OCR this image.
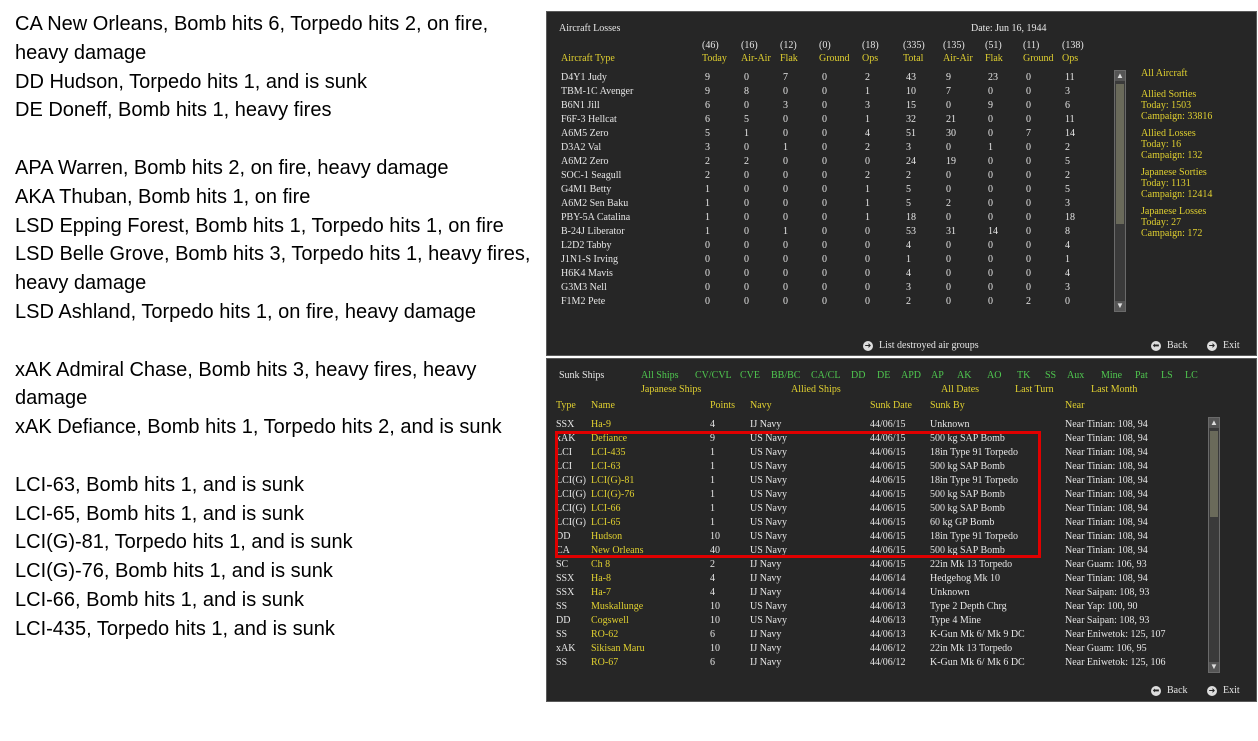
CA New Orleans, Bomb hits 6, Torpedo hits 2, on fire, heavy damage
DD Hudson, Torpedo hits 1, and is sunk
DE Doneff, Bomb hits 1, heavy fires
APA Warren, Bomb hits 2, on fire, heavy damage
AKA Thuban, Bomb hits 1, on fire
LSD Epping Forest, Bomb hits 1, Torpedo hits 1, on fire
LSD Belle Grove, Bomb hits 3, Torpedo hits 1, heavy fires, heavy damage
LSD Ashland, Torpedo hits 1, on fire, heavy damage
xAK Admiral Chase, Bomb hits 3, heavy fires, heavy damage
xAK Defiance, Bomb hits 1, Torpedo hits 2, and is sunk
LCI-63, Bomb hits 1, and is sunk
LCI-65, Bomb hits 1, and is sunk
LCI(G)-81, Torpedo hits 1, and is sunk
LCI(G)-76, Bomb hits 1, and is sunk
LCI-66, Bomb hits 1, and is sunk
LCI-435, Torpedo hits 1, and is sunk
Aircraft Losses	Date: Jun 16, 1944
(46) (16) (12) (0)	(18) (335) (135) (51) (11) (138)
Aircraft Type	Today Air-Air Flak Ground Ops Total Air-Air Flak Ground Ops
D4Y1 Judy	9	0	7	0	2	43	9	23	0	11
TBM-1C Avenger	9	8	0	0	1	10	7	0	0	3
B6N1 Jill	6	0	3	0	3	15	0	9	0	6
F6F-3 Hellcat	6	5	0	0	1	32	21	0	0	11
A6M5 Zero	5	1	0	0	4	51	30	0	7	14
D3A2 Val	3	0	1	0	2	3	0	1	0	2
A6M2 Zero	2	2	0	0	0	24	19	0	0	5
SOC-1 Seagull	2	0	0	0	2	2	0	0	0	2
G4M1 Betty	1	0	0	0	1	5	0	0	0	5
A6M2 Sen Baku	1	0	0	0	1	5	2	0	0	3
PBY-5A Catalina	1	0	0	0	1	18	0	0	0	18
B-24J Liberator	1	0	1	0	0	53	31	14	0	8
L2D2 Tabby	0	0	0	0	0	4	0	0	0	4
J1N1-S Irving	0	0	0	0	0	1	0	0	0	1
H6K4 Mavis	0	0	0	0	0	4	0	0	0	4
G3M3 Nell	0	0	0	0	0	3	0	0	0	3
F1M2 Pete	0	0	0	0	0	2	0	0	2	0
▲
▼
All Aircraft
Allied Sorties
Today: 1503
Campaign: 33816
Allied Losses
Today: 16
Campaign: 132
Japanese Sorties
Today: 1131
Campaign: 12414
Japanese Losses
Today: 27
Campaign: 172
➜ List destroyed air groups	⬅ Back	➜ Exit
Sunk Ships	All Ships CV/CVL CVE BB/BC CA/CL DD DE APD AP AK AO TK SS Aux Mine Pat LS LC
Japanese Ships	Allied Ships	All Dates	Last Turn	Last Month
Type Name	Points Navy	Sunk Date Sunk By	Near
SSX Ha-9	4	IJ Navy	44/06/15 Unknown	Near Tinian: 108, 94
xAK Defiance	9	US Navy	44/06/15 500 kg SAP Bomb	Near Tinian: 108, 94
LCI LCI-435	1	US Navy	44/06/15 18in Type 91 Torpedo	Near Tinian: 108, 94
LCI LCI-63	1	US Navy	44/06/15 500 kg SAP Bomb	Near Tinian: 108, 94
LCI(G) LCI(G)-81	1	US Navy	44/06/15 18in Type 91 Torpedo	Near Tinian: 108, 94
LCI(G) LCI(G)-76	1	US Navy	44/06/15 500 kg SAP Bomb	Near Tinian: 108, 94
LCI(G) LCI-66	1	US Navy	44/06/15 500 kg SAP Bomb	Near Tinian: 108, 94
LCI(G) LCI-65	1	US Navy	44/06/15 60 kg GP Bomb	Near Tinian: 108, 94
DD Hudson	10	US Navy	44/06/15 18in Type 91 Torpedo	Near Tinian: 108, 94
CA New Orleans	40	US Navy	44/06/15 500 kg SAP Bomb	Near Tinian: 108, 94
SC Ch 8	2	IJ Navy	44/06/15 22in Mk 13 Torpedo	Near Guam: 106, 93
SSX Ha-8	4	IJ Navy	44/06/14 Hedgehog Mk 10	Near Tinian: 108, 94
SSX Ha-7	4	IJ Navy	44/06/14 Unknown	Near Saipan: 108, 93
SS Muskallunge	10	US Navy	44/06/13 Type 2 Depth Chrg	Near Yap: 100, 90
DD Cogswell	10	US Navy	44/06/13 Type 4 Mine	Near Saipan: 108, 93
SS RO-62	6	IJ Navy	44/06/13 K-Gun Mk 6/ Mk 9 DC	Near Eniwetok: 125, 107
xAK Sikisan Maru	10	IJ Navy	44/06/12 22in Mk 13 Torpedo	Near Guam: 106, 95
SS RO-67	6	IJ Navy	44/06/12 K-Gun Mk 6/ Mk 6 DC	Near Eniwetok: 125, 106
▲
▼
⬅ Back	➜ Exit
